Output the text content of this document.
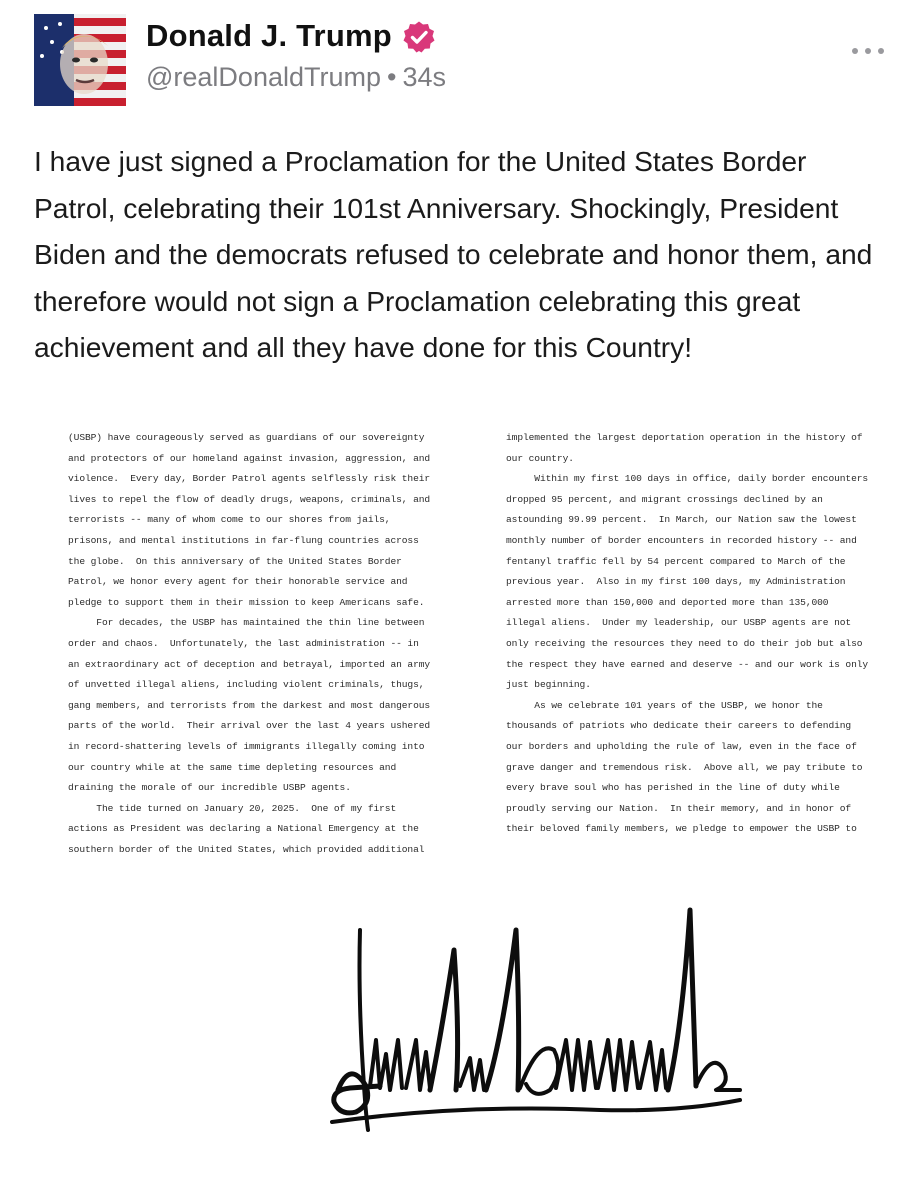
Donald J. Trump
@realDonaldTrump • 34s

I have just signed a Proclamation for the United States Border Patrol, celebrating their 101st Anniversary. Shockingly, President Biden and the democrats refused to celebrate and honor them, and therefore would not sign a Proclamation celebrating this great achievement and all they have done for this Country!

(USBP) have courageously served as guardians of our sovereignty
and protectors of our homeland against invasion, aggression, and
violence.  Every day, Border Patrol agents selflessly risk their
lives to repel the flow of deadly drugs, weapons, criminals, and
terrorists -- many of whom come to our shores from jails,
prisons, and mental institutions in far-flung countries across
the globe.  On this anniversary of the United States Border
Patrol, we honor every agent for their honorable service and
pledge to support them in their mission to keep Americans safe.
For decades, the USBP has maintained the thin line between
order and chaos.  Unfortunately, the last administration -- in
an extraordinary act of deception and betrayal, imported an army
of unvetted illegal aliens, including violent criminals, thugs,
gang members, and terrorists from the darkest and most dangerous
parts of the world.  Their arrival over the last 4 years ushered
in record-shattering levels of immigrants illegally coming into
our country while at the same time depleting resources and
draining the morale of our incredible USBP agents.
The tide turned on January 20, 2025.  One of my first
actions as President was declaring a National Emergency at the
southern border of the United States, which provided additional
implemented the largest deportation operation in the history of
our country.
Within my first 100 days in office, daily border encounters
dropped 95 percent, and migrant crossings declined by an
astounding 99.99 percent.  In March, our Nation saw the lowest
monthly number of border encounters in recorded history -- and
fentanyl traffic fell by 54 percent compared to March of the
previous year.  Also in my first 100 days, my Administration
arrested more than 150,000 and deported more than 135,000
illegal aliens.  Under my leadership, our USBP agents are not
only receiving the resources they need to do their job but also
the respect they have earned and deserve -- and our work is only
just beginning.
As we celebrate 101 years of the USBP, we honor the
thousands of patriots who dedicate their careers to defending
our borders and upholding the rule of law, even in the face of
grave danger and tremendous risk.  Above all, we pay tribute to
every brave soul who has perished in the line of duty while
proudly serving our Nation.  In their memory, and in honor of
their beloved family members, we pledge to empower the USBP to
